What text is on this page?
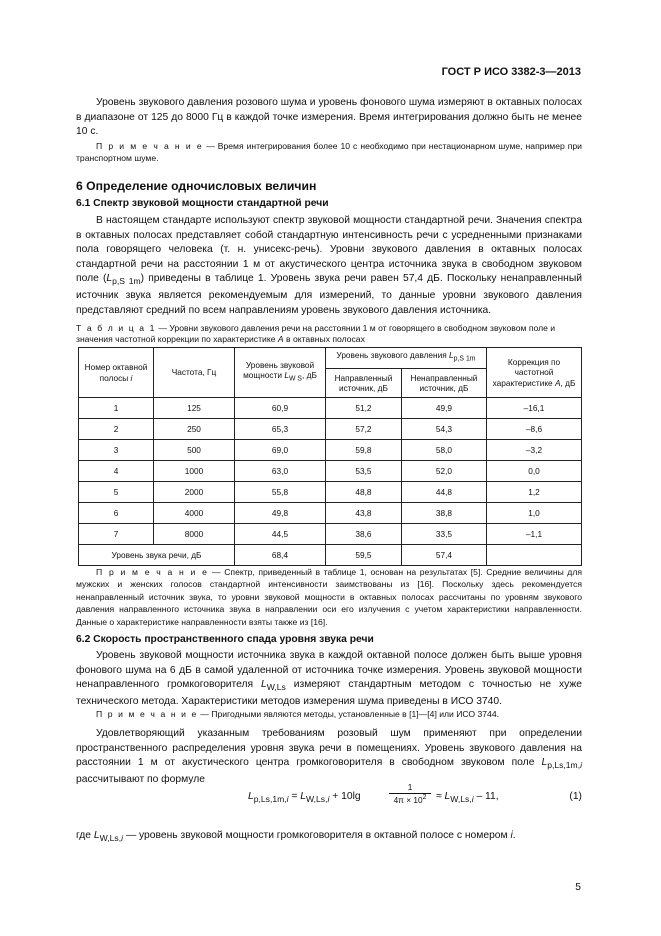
ГОСТ Р ИСО 3382-3—2013
Уровень звукового давления розового шума и уровень фонового шума измеряют в октавных полосах в диапазоне от 125 до 8000 Гц в каждой точке измерения. Время интегрирования должно быть не менее 10 с.
П р и м е ч а н и е — Время интегрирования более 10 с необходимо при нестационарном шуме, например при транспортном шуме.
6 Определение одночисловых величин
6.1 Спектр звуковой мощности стандартной речи
В настоящем стандарте используют спектр звуковой мощности стандартной речи. Значения спектра в октавных полосах представляет собой стандартную интенсивность речи с усредненными признаками пола говорящего человека (т. н. унисекс-речь). Уровни звукового давления в октавных полосах стандартной речи на расстоянии 1 м от акустического центра источника звука в свободном звуковом поле $(L_{p,S 1m})$ приведены в таблице 1. Уровень звука речи равен 57,4 дБ. Поскольку ненаправленный источник звука является рекомендуемым для измерений, то данные уровни звукового давления представляют средний по всем направлениям уровень звукового давления источника.
Т а б л и ц а 1 — Уровни звукового давления речи на расстоянии 1 м от говорящего в свободном звуковом поле и значения частотной коррекции по характеристике A в октавных полосах
Номер октавной полосы i	Частота, Гц	Уровень звуковой мощности $L_{W S}$, дБ	Уровень звукового давления $L_{p,S 1m}$		Коррекция по частотной характеристике A, дБ
			Направленный источник, дБ	Ненаправленный источник, дБ	
1	125	60,9	51,2	49,9	–16,1
2	250	65,3	57,2	54,3	–8,6
3	500	69,0	59,8	58,0	–3,2
4	1000	63,0	53,5	52,0	0,0
5	2000	55,8	48,8	44,8	1,2
6	4000	49,8	43,8	38,8	1,0
7	8000	44,5	38,6	33,5	–1,1
Уровень звука речи, дБ		68,4	59,5	57,4	
П р и м е ч а н и е — Спектр, приведенный в таблице 1, основан на результатах [5]. Средние величины для мужских и женских голосов стандартной интенсивности заимствованы из [16]. Поскольку здесь рекомендуется ненаправленный источник звука, то уровни звуковой мощности в октавных полосах рассчитаны по уровням звукового давления направленного источника звука в направлении оси его излучения с учетом характеристики направленности. Данные о характеристике направленности взяты также из [16].
6.2 Скорость пространственного спада уровня звука речи
Уровень звуковой мощности источника звука в каждой октавной полосе должен быть выше уровня фонового шума на 6 дБ в самой удаленной от источника точке измерения. Уровень звуковой мощности ненаправленного громкоговорителя $L_{W,Ls}$ измеряют стандартным методом с точностью не хуже технического метода. Характеристики методов измерения шума приведены в ИСО 3740.
П р и м е ч а н и е — Пригодными являются методы, установленные в [1]—[4] или ИСО 3744.
Удовлетворяющий указанным требованиям розовый шум применяют при определении пространственного распределения уровня звука речи в помещениях. Уровень звукового давления на расстоянии 1 м от акустического центра громкоговорителя в свободном звуковом поле $L_{p,Ls,1m,i}$ рассчитывают по формуле
$L_{p,Ls,1m,i} = L_{W,Ls,i} + 10\lg$	$\frac{1}{4\pi \times 10^2} \approx L_{W,Ls,i} - 11$,	(1)
где $L_{W,Ls,i}$ — уровень звуковой мощности громкоговорителя в октавной полосе с номером i.
5
